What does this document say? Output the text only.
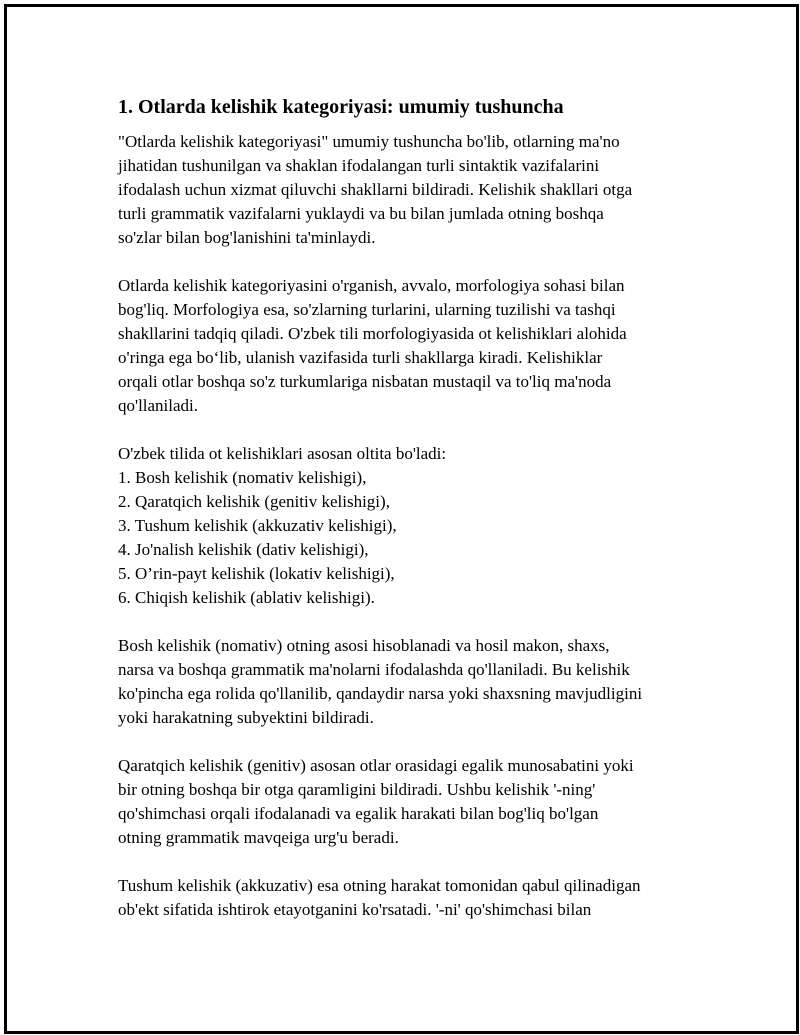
1. Otlarda kelishik kategoriyasi: umumiy tushuncha
"Otlarda kelishik kategoriyasi" umumiy tushuncha bo'lib, otlarning ma'no
jihatidan tushunilgan va shaklan ifodalangan turli sintaktik vazifalarini
ifodalash uchun xizmat qiluvchi shakllarni bildiradi. Kelishik shakllari otga
turli grammatik vazifalarni yuklaydi va bu bilan jumlada otning boshqa
so'zlar bilan bog'lanishini ta'minlaydi.
Otlarda kelishik kategoriyasini o'rganish, avvalo, morfologiya sohasi bilan
bog'liq. Morfologiya esa, so'zlarning turlarini, ularning tuzilishi va tashqi
shakllarini tadqiq qiladi. O'zbek tili morfologiyasida ot kelishiklari alohida
o'ringa ega bo‘lib, ulanish vazifasida turli shakllarga kiradi. Kelishiklar
orqali otlar boshqa so'z turkumlariga nisbatan mustaqil va to'liq ma'noda
qo'llaniladi.
O'zbek tilida ot kelishiklari asosan oltita bo'ladi:
1. Bosh kelishik (nomativ kelishigi),
2. Qaratqich kelishik (genitiv kelishigi),
3. Tushum kelishik (akkuzativ kelishigi),
4. Jo'nalish kelishik (dativ kelishigi),
5. O’rin-payt kelishik (lokativ kelishigi),
6. Chiqish kelishik (ablativ kelishigi).
Bosh kelishik (nomativ) otning asosi hisoblanadi va hosil makon, shaxs,
narsa va boshqa grammatik ma'nolarni ifodalashda qo'llaniladi. Bu kelishik
ko'pincha ega rolida qo'llanilib, qandaydir narsa yoki shaxsning mavjudligini
yoki harakatning subyektini bildiradi.
Qaratqich kelishik (genitiv) asosan otlar orasidagi egalik munosabatini yoki
bir otning boshqa bir otga qaramligini bildiradi. Ushbu kelishik '-ning'
qo'shimchasi orqali ifodalanadi va egalik harakati bilan bog'liq bo'lgan
otning grammatik mavqeiga urg'u beradi.
Tushum kelishik (akkuzativ) esa otning harakat tomonidan qabul qilinadigan
ob'ekt sifatida ishtirok etayotganini ko'rsatadi. '-ni' qo'shimchasi bilan
